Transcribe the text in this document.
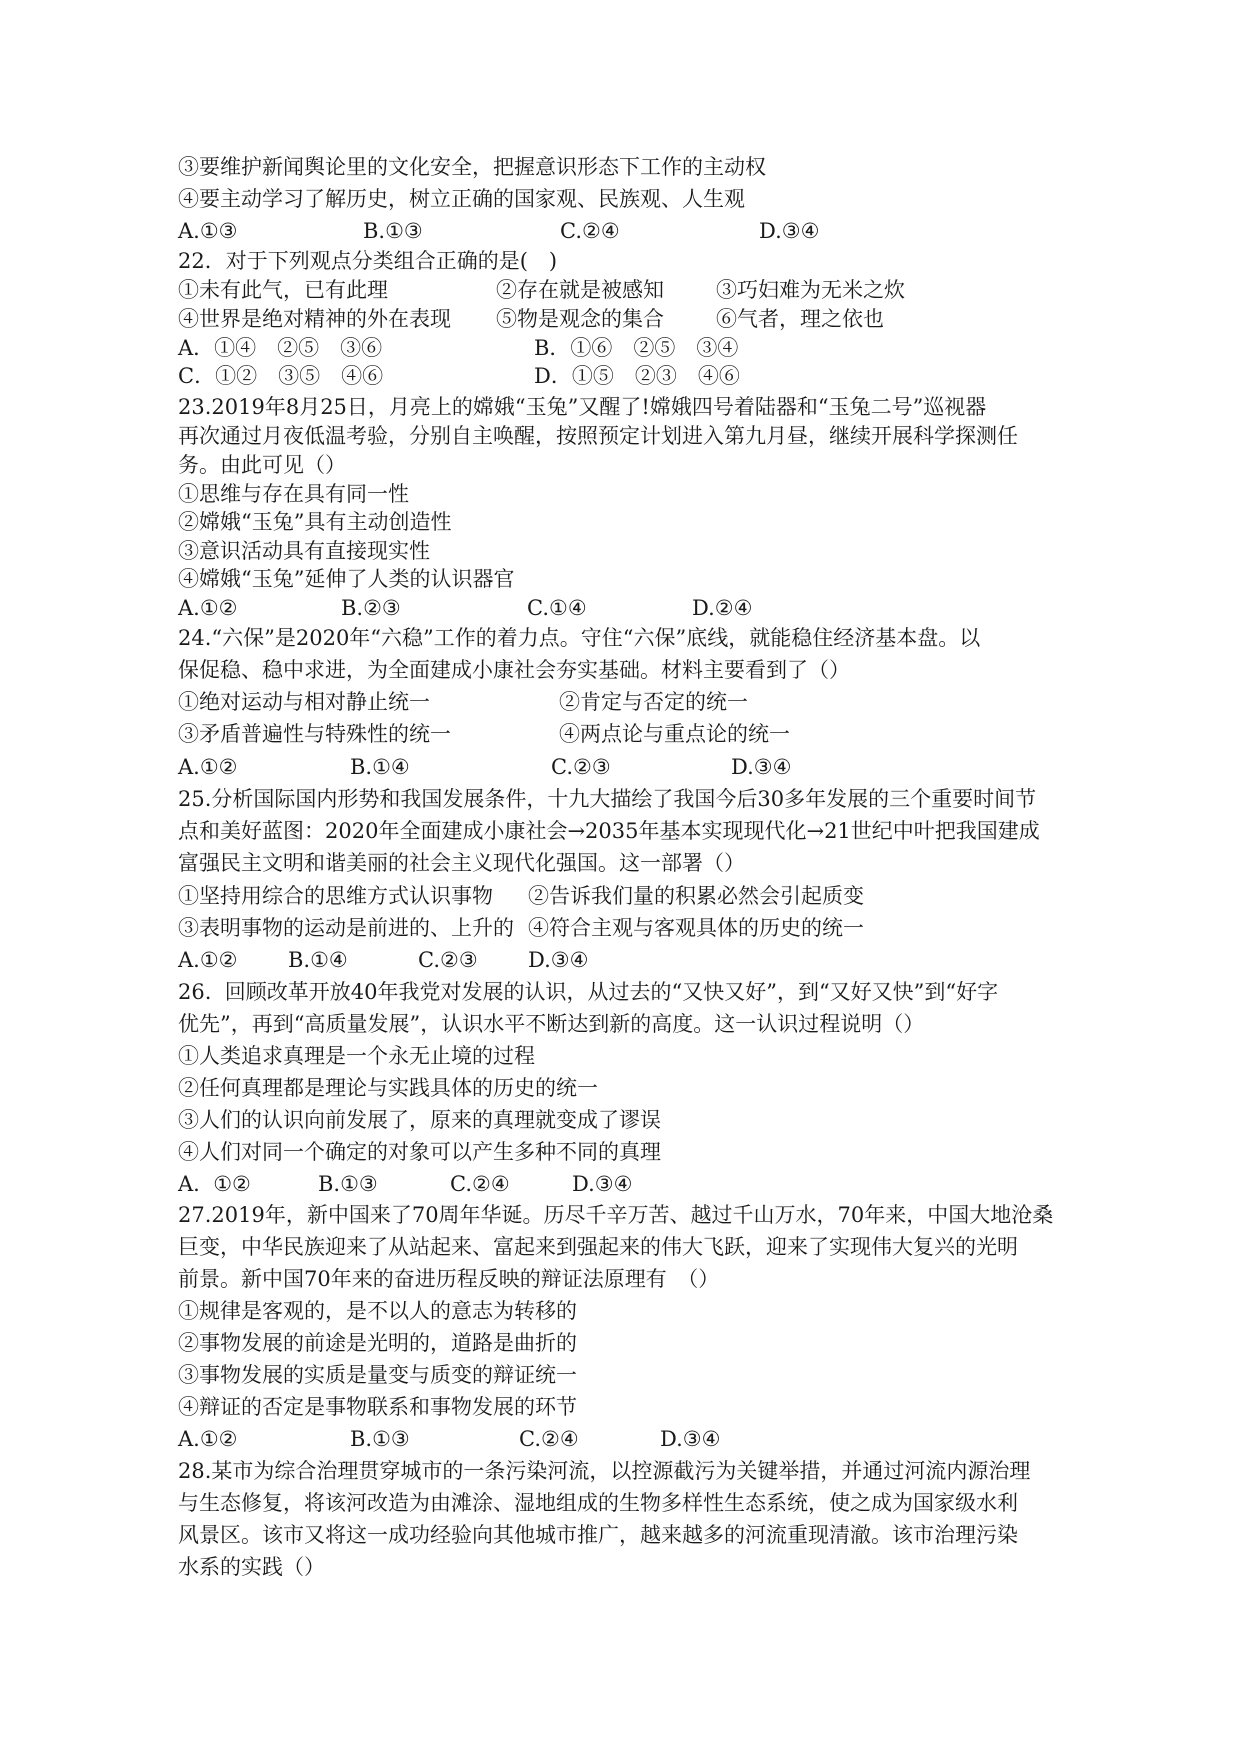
③要维护新闻舆论里的文化安全，把握意识形态下工作的主动权
④要主动学习了解历史，树立正确的国家观、民族观、人生观
A.①③	B.①③	C.②④	D.③④
22．对于下列观点分类组合正确的是(　)
①未有此气，已有此理	②存在就是被感知 ③巧妇难为无米之炊
④世界是绝对精神的外在表现 ⑤物是观念的集合 ⑥气者，理之依也
A．①④　②⑤　③⑥	B．①⑥　②⑤　③④
C．①②　③⑤　④⑥	D．①⑤　②③　④⑥
23.2019年8月25日，月亮上的嫦娥“玉兔”又醒了!嫦娥四号着陆器和“玉兔二号”巡视器
再次通过月夜低温考验，分别自主唤醒，按照预定计划进入第九月昼，继续开展科学探测任
务。由此可见（）
①思维与存在具有同一性
②嫦娥“玉兔”具有主动创造性
③意识活动具有直接现实性
④嫦娥“玉兔”延伸了人类的认识器官
A.①②	B.②③	C.①④	D.②④
24.“六保”是2020年“六稳”工作的着力点。守住“六保”底线，就能稳住经济基本盘。以
保促稳、稳中求进，为全面建成小康社会夯实基础。材料主要看到了（）
①绝对运动与相对静止统一	②肯定与否定的统一
③矛盾普遍性与特殊性的统一	④两点论与重点论的统一
A.①②	B.①④	C.②③	D.③④
25.分析国际国内形势和我国发展条件，十九大描绘了我国今后30多年发展的三个重要时间节
点和美好蓝图：2020年全面建成小康社会→2035年基本实现现代化→21世纪中叶把我国建成
富强民主文明和谐美丽的社会主义现代化强国。这一部署（）
①坚持用综合的思维方式认识事物 ②告诉我们量的积累必然会引起质变
③表明事物的运动是前进的、上升的 ④符合主观与客观具体的历史的统一
A.①② B.①④	C.②③ D.③④
26.  回顾改革开放40年我党对发展的认识，从过去的“又快又好”，到“又好又快”到“好字
优先”，再到“高质量发展”，认识水平不断达到新的高度。这一认识过程说明（）
①人类追求真理是一个永无止境的过程
②任何真理都是理论与实践具体的历史的统一
③人们的认识向前发展了，原来的真理就变成了谬误
④人们对同一个确定的对象可以产生多种不同的真理
A.  ①②	B.①③	C.②④	D.③④
27.2019年，新中国来了70周年华诞。历尽千辛万苦、越过千山万水，70年来，中国大地沧桑
巨变，中华民族迎来了从站起来、富起来到强起来的伟大飞跃，迎来了实现伟大复兴的光明
前景。新中国70年来的奋进历程反映的辩证法原理有　（）
①规律是客观的，是不以人的意志为转移的
②事物发展的前途是光明的，道路是曲折的
③事物发展的实质是量变与质变的辩证统一
④辩证的否定是事物联系和事物发展的环节
A.①②	B.①③	C.②④	D.③④
28.某市为综合治理贯穿城市的一条污染河流，以控源截污为关键举措，并通过河流内源治理
与生态修复，将该河改造为由滩涂、湿地组成的生物多样性生态系统，使之成为国家级水利
风景区。该市又将这一成功经验向其他城市推广，越来越多的河流重现清澈。该市治理污染
水系的实践（）
